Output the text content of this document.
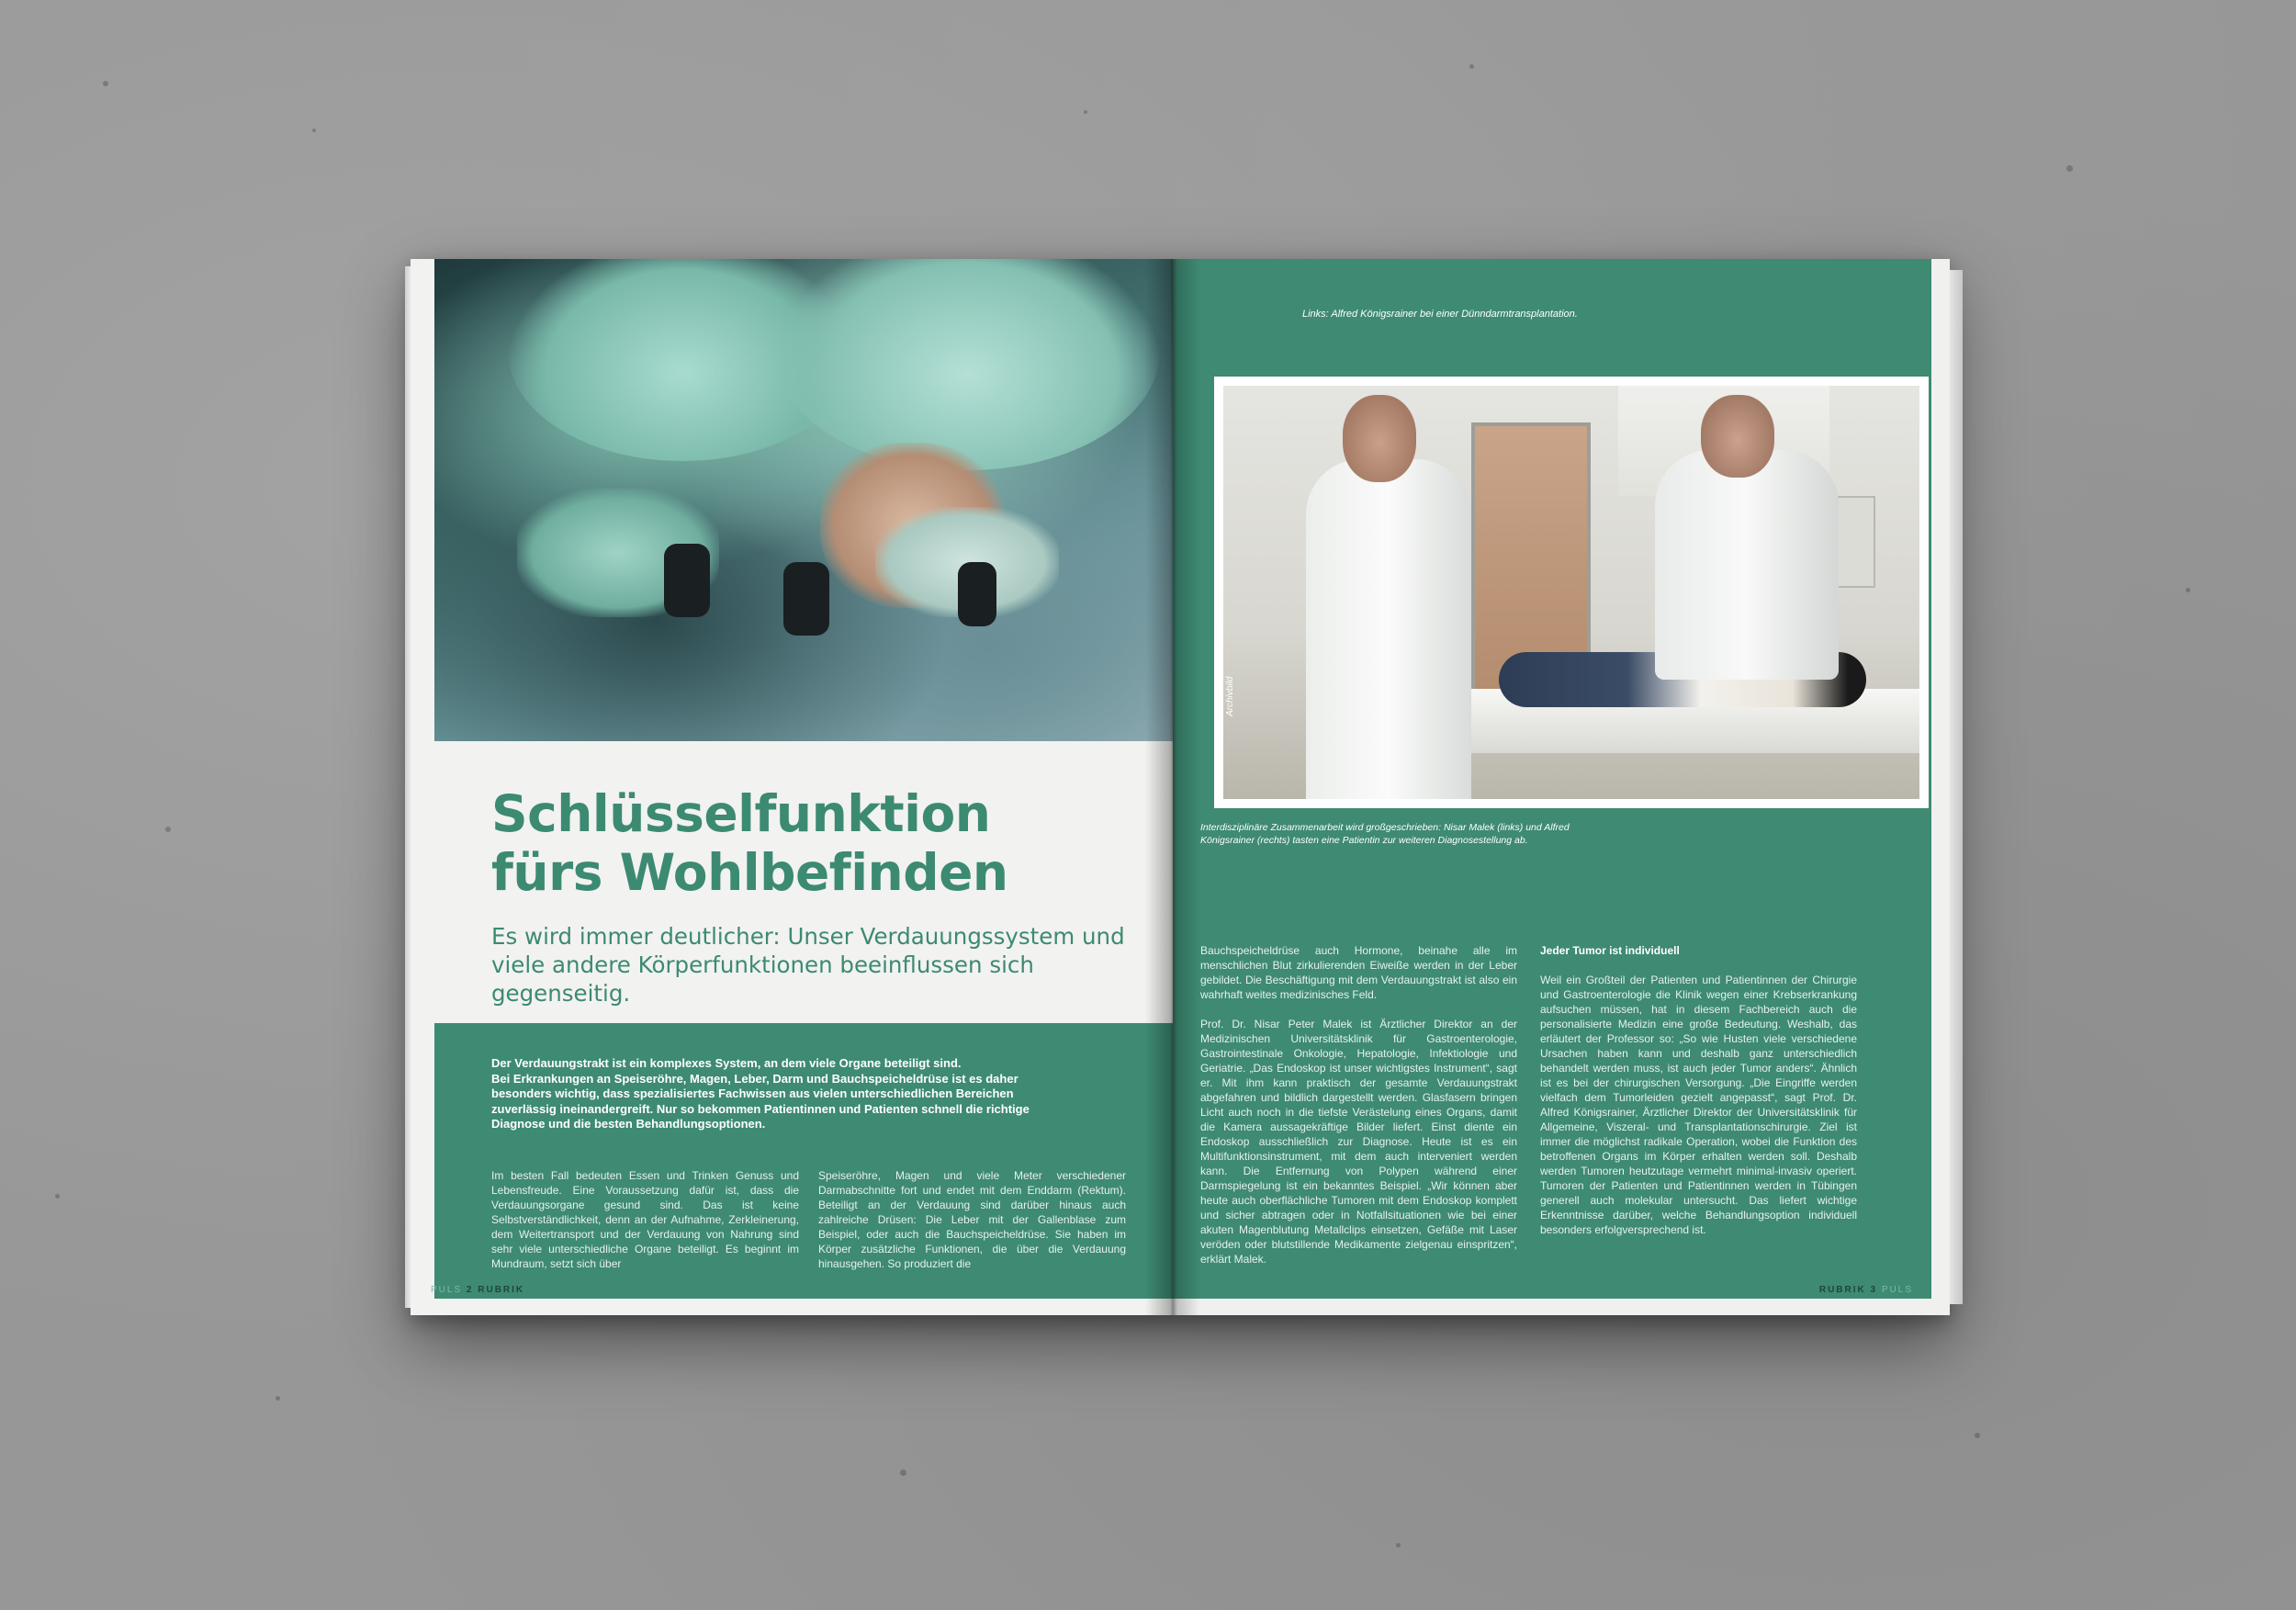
Schlüsselfunktion
fürs Wohlbefinden

Es wird immer deutlicher: Unser Verdauungssystem und viele andere Körperfunktionen beeinflussen sich gegenseitig.

Der Verdauungstrakt ist ein komplexes System, an dem viele Organe beteiligt sind.

Bei Erkrankungen an Speiseröhre, Magen, Leber, Darm und Bauchspeicheldrüse ist es daher besonders wichtig, dass spezialisiertes Fachwissen aus vielen unterschiedlichen Bereichen zuverlässig ineinandergreift. Nur so bekommen Patientinnen und Patienten schnell die richtige Diagnose und die besten Behandlungsoptionen.

Im besten Fall bedeuten Essen und Trinken Genuss und Lebensfreude. Eine Voraussetzung dafür ist, dass die Verdauungsorgane gesund sind. Das ist keine Selbstverständlichkeit, denn an der Aufnahme, Zerkleinerung, dem Weitertransport und der Verdauung von Nahrung sind sehr viele unterschiedliche Organe beteiligt. Es beginnt im Mundraum, setzt sich über

Speiseröhre, Magen und viele Meter verschiedener Darmabschnitte fort und endet mit dem Enddarm (Rektum). Beteiligt an der Verdauung sind darüber hinaus auch zahlreiche Drüsen: Die Leber mit der Gallenblase zum Beispiel, oder auch die Bauchspeicheldrüse. Sie haben im Körper zusätzliche Funktionen, die über die Verdauung hinausgehen. So produziert die

PULS 2 RUBRIK

Links: Alfred Königsrainer bei einer Dünndarmtransplantation.

Archivbild

Interdisziplinäre Zusammenarbeit wird großgeschrieben: Nisar Malek (links) und Alfred Königsrainer (rechts) tasten eine Patientin zur weiteren Diagnosestellung ab.

Bauchspeicheldrüse auch Hormone, beinahe alle im menschlichen Blut zirkulierenden Eiweiße werden in der Leber gebildet. Die Beschäftigung mit dem Verdauungstrakt ist also ein wahrhaft weites medizinisches Feld.

Prof. Dr. Nisar Peter Malek ist Ärztlicher Direktor an der Medizinischen Universitätsklinik für Gastroenterologie, Gastrointestinale Onkologie, Hepatologie, Infektiologie und Geriatrie. „Das Endoskop ist unser wichtigstes Instrument“, sagt er. Mit ihm kann praktisch der gesamte Verdauungstrakt abgefahren und bildlich dargestellt werden. Glasfasern bringen Licht auch noch in die tiefste Verästelung eines Organs, damit die Kamera aussagekräftige Bilder liefert. Einst diente ein Endoskop ausschließlich zur Diagnose. Heute ist es ein Multifunktionsinstrument, mit dem auch interveniert werden kann. Die Entfernung von Polypen während einer Darmspiegelung ist ein bekanntes Beispiel. „Wir können aber heute auch oberflächliche Tumoren mit dem Endoskop komplett und sicher abtragen oder in Notfallsituationen wie bei einer akuten Magenblutung Metallclips einsetzen, Gefäße mit Laser veröden oder blutstillende Medikamente zielgenau einspritzen“, erklärt Malek.

Jeder Tumor ist individuell

Weil ein Großteil der Patienten und Patientinnen der Chirurgie und Gastroenterologie die Klinik wegen einer Krebserkrankung aufsuchen müssen, hat in diesem Fachbereich auch die personalisierte Medizin eine große Bedeutung. Weshalb, das erläutert der Professor so: „So wie Husten viele verschiedene Ursachen haben kann und deshalb ganz unterschiedlich behandelt werden muss, ist auch jeder Tumor anders“. Ähnlich ist es bei der chirurgischen Versorgung. „Die Eingriffe werden vielfach dem Tumorleiden gezielt angepasst“, sagt Prof. Dr. Alfred Königsrainer, Ärztlicher Direktor der Universitätsklinik für Allgemeine, Viszeral- und Transplantationschirurgie. Ziel ist immer die möglichst radikale Operation, wobei die Funktion des betroffenen Organs im Körper erhalten werden soll. Deshalb werden Tumoren heutzutage vermehrt minimal-invasiv operiert. Tumoren der Patienten und Patientinnen werden in Tübingen generell auch molekular untersucht. Das liefert wichtige Erkenntnisse darüber, welche Behandlungsoption individuell besonders erfolgversprechend ist.

RUBRIK 3 PULS
